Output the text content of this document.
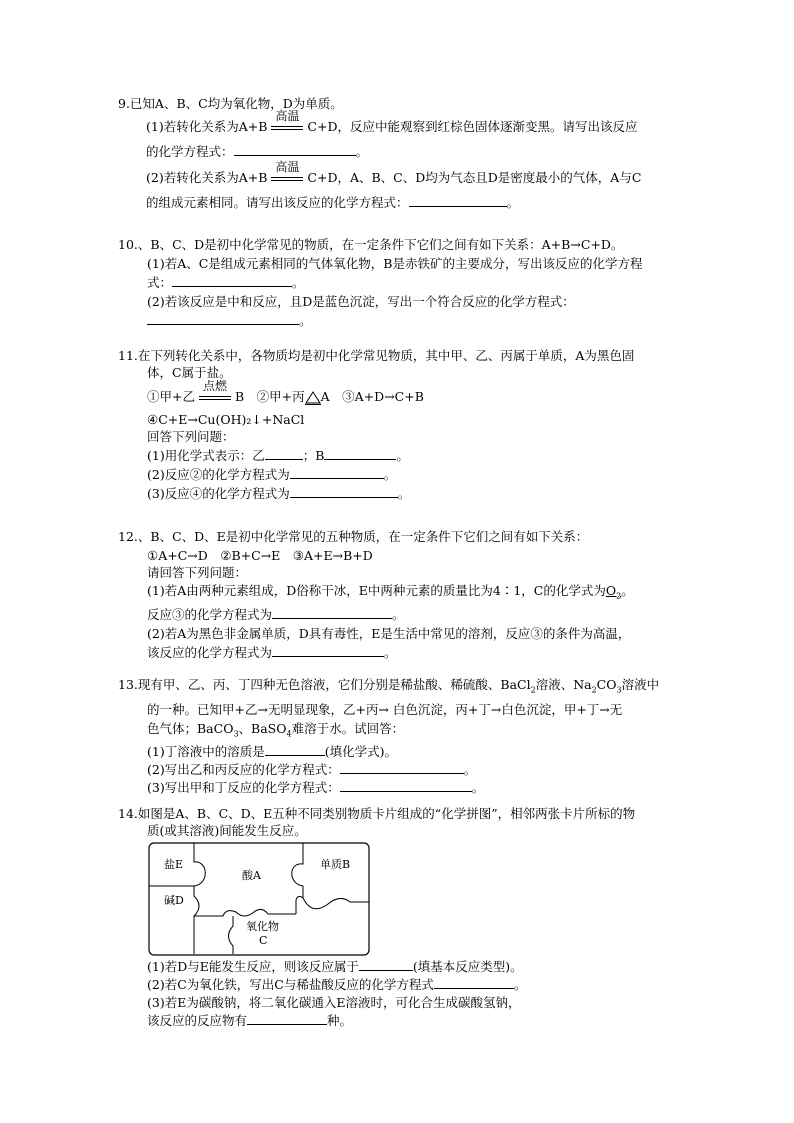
9.已知A、B、C均为氧化物，D为单质。
(1)若转化关系为A+B
高温
C+D，反应中能观察到红棕色固体逐渐变黑。请写出该反应
的化学方程式：	。
(2)若转化关系为A+B
高温
C+D，A、B、C、D均为气态且D是密度最小的气体，A与C
的组成元素相同。请写出该反应的化学方程式：	。
10.、B、C、D是初中化学常见的物质，在一定条件下它们之间有如下关系：A+B→C+D。
(1)若A、C是组成元素相同的气体氧化物，B是赤铁矿的主要成分，写出该反应的化学方程
式：	。
(2)若该反应是中和反应，且D是蓝色沉淀，写出一个符合反应的化学方程式：
。
11.在下列转化关系中，各物质均是初中化学常见物质，其中甲、乙、丙属于单质，A为黑色固
体，C属于盐。
①甲+乙
点燃
B　②甲+丙 A　③A+D→C+B
④C+E→Cu(OH)₂↓+NaCl
回答下列问题：
(1)用化学式表示：乙	；B	。
(2)反应②的化学方程式为	。
(3)反应④的化学方程式为	。
12.、B、C、D、E是初中化学常见的五种物质，在一定条件下它们之间有如下关系：
①A+C→D　②B+C→E　③A+E→B+D
请回答下列问题：
(1)若A由两种元素组成，D俗称干冰，E中两种元素的质量比为4∶1，C的化学式为$O_2$。
反应③的化学方程式为	。
(2)若A为黑色非金属单质，D具有毒性，E是生活中常见的溶剂，反应③的条件为高温，
该反应的化学方程式为	。
13.现有甲、乙、丙、丁四种无色溶液，它们分别是稀盐酸、稀硫酸、BaCl$_2$溶液、$Na_2CO_3$溶液中
的一种。已知甲+乙→无明显现象，乙+丙→ 白色沉淀，丙+丁→白色沉淀，甲+丁→无
色气体；BaCO$_3$、BaSO$_4$难溶于水。试回答：
(1)丁溶液中的溶质是	(填化学式)。
(2)写出乙和丙反应的化学方程式：	。
(3)写出甲和丁反应的化学方程式：	。
14.如图是A、B、C、D、E五种不同类别物质卡片组成的“化学拼图”，相邻两张卡片所标的物
质(或其溶液)间能发生反应。
盐E
酸A
单质B
碱D
氧化物
C
(1)若D与E能发生反应，则该反应属于	(填基本反应类型)。
(2)若C为氧化铁，写出C与稀盐酸反应的化学方程式	。
(3)若E为碳酸钠，将二氧化碳通入E溶液时，可化合生成碳酸氢钠，
该反应的反应物有	种。
